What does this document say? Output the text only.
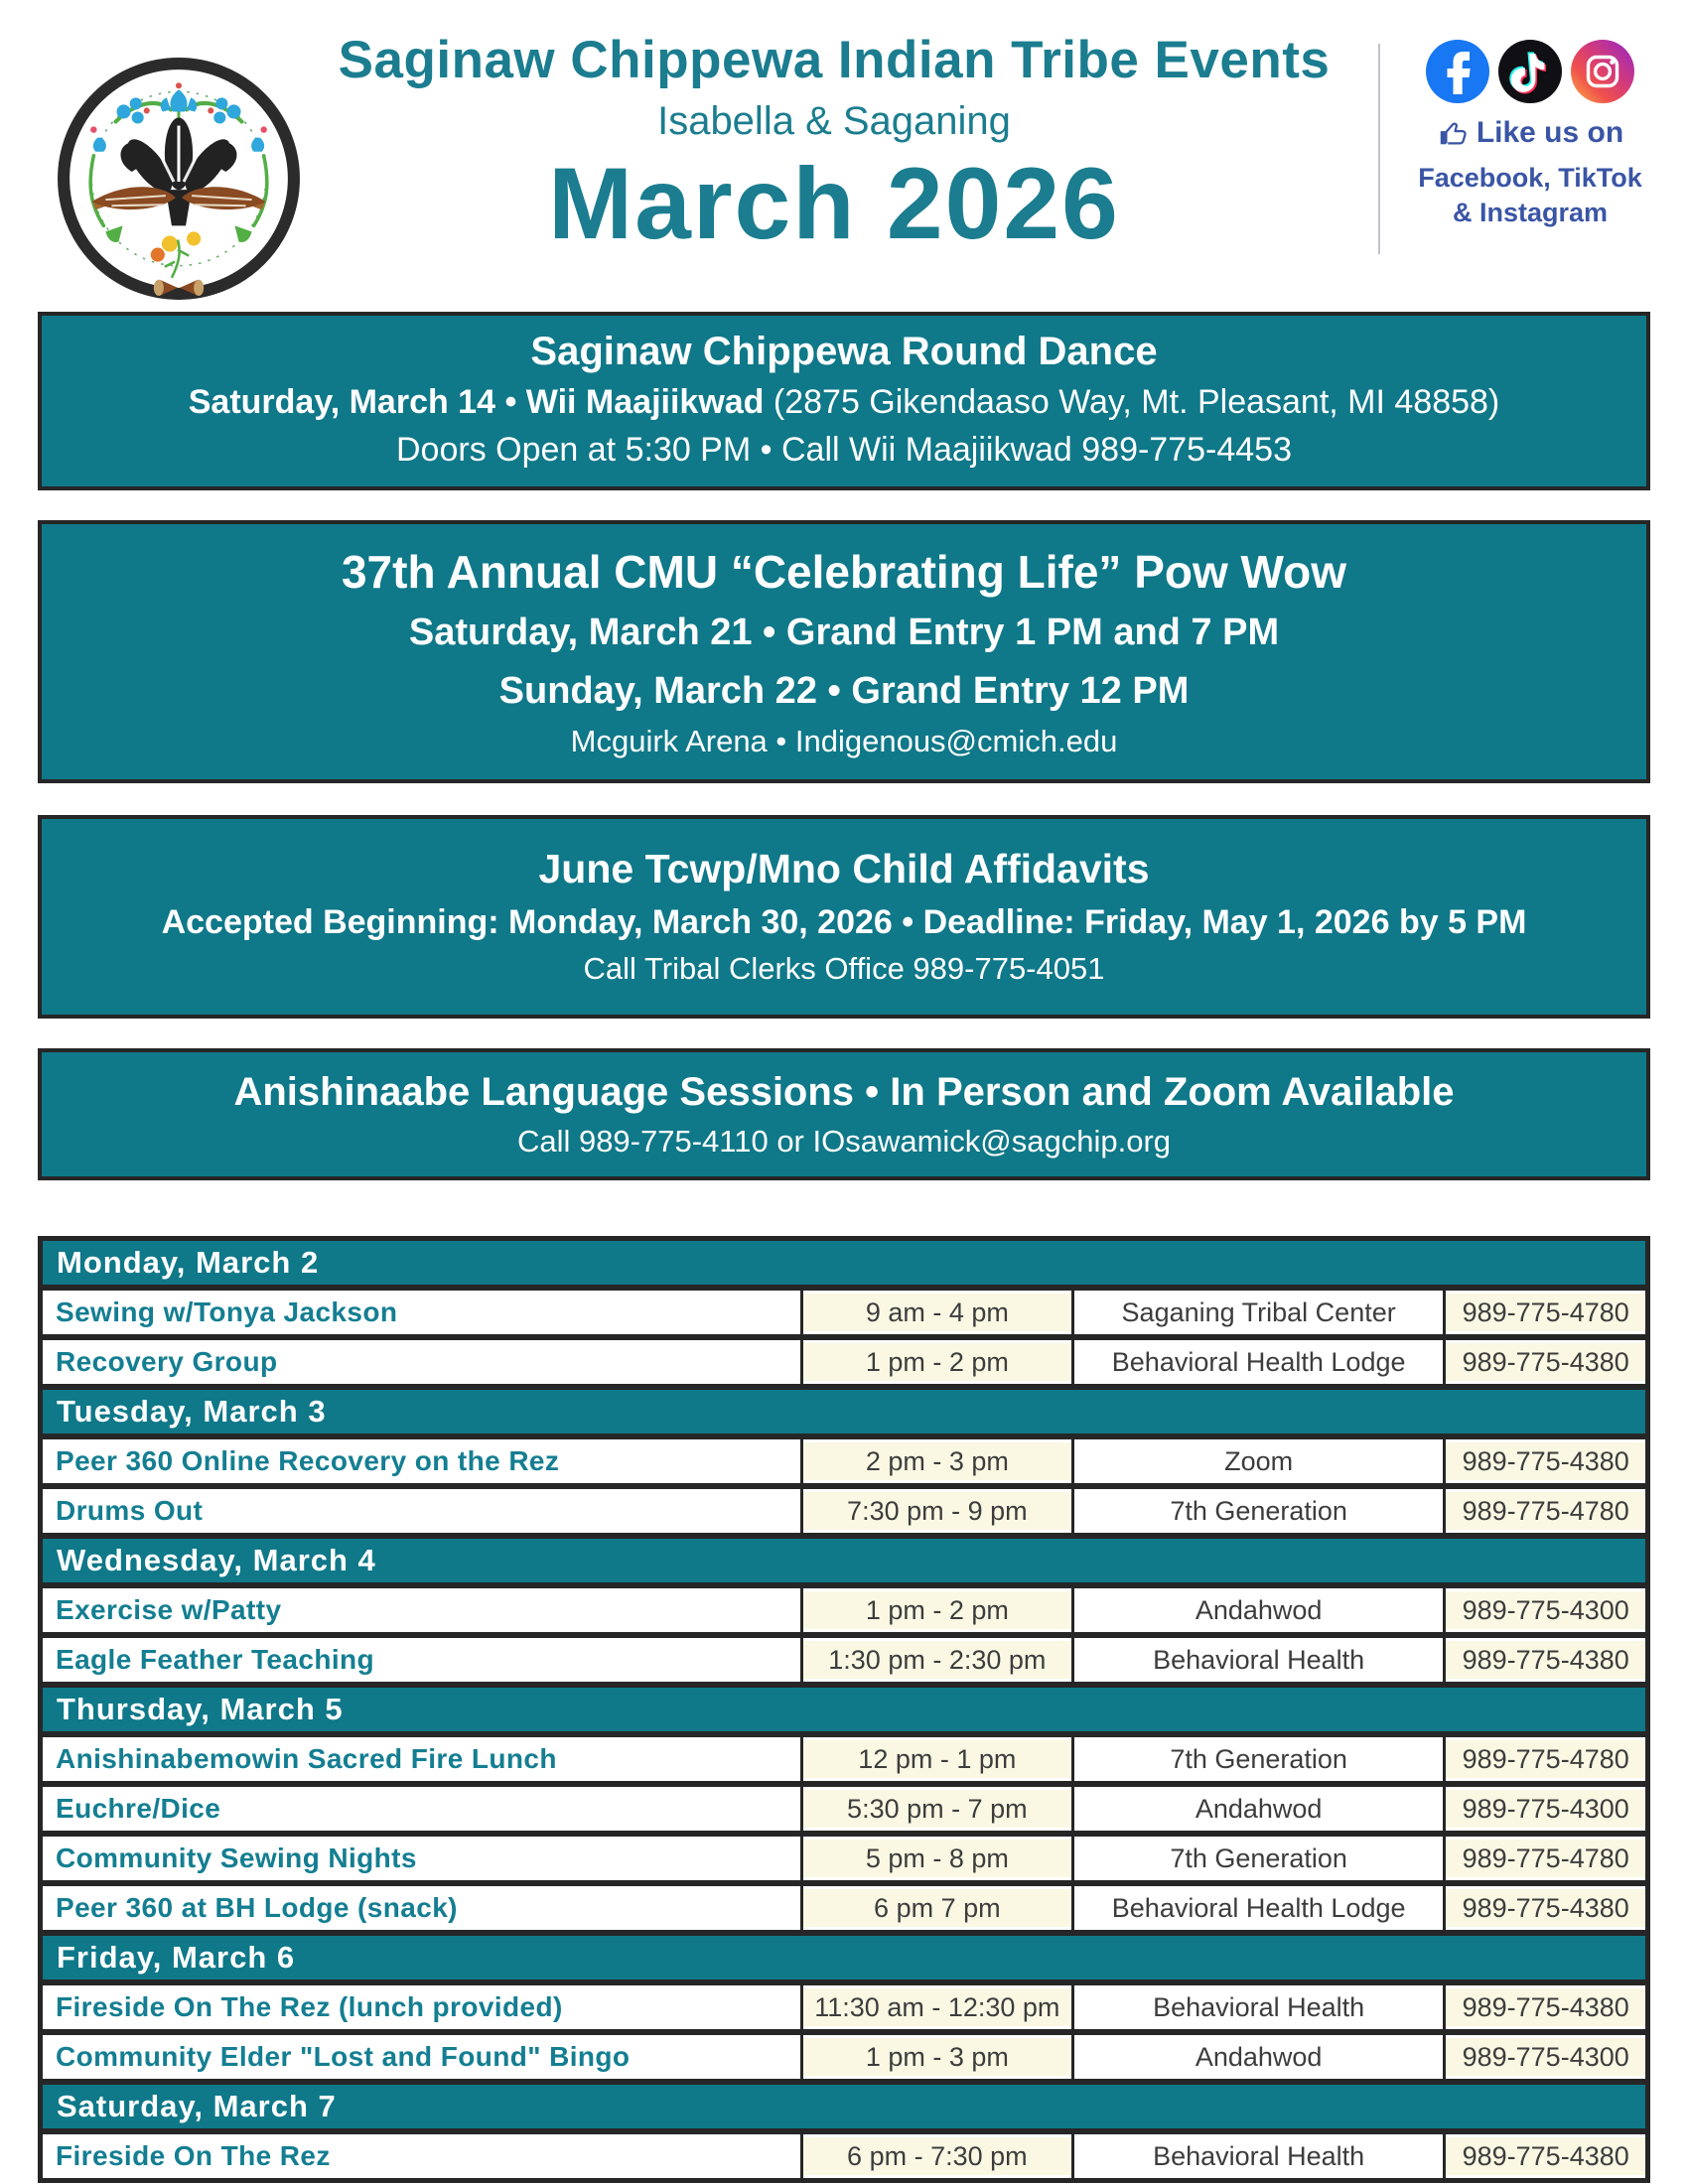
Saginaw Chippewa Indian Tribe Events
Isabella & Saganing
March 2026
Like us on
Facebook, TikTok
& Instagram
Saginaw Chippewa Round Dance
Saturday, March 14 • Wii Maajiikwad (2875 Gikendaaso Way, Mt. Pleasant, MI 48858)
Doors Open at 5:30 PM • Call Wii Maajiikwad 989-775-4453
37th Annual CMU “Celebrating Life” Pow Wow
Saturday, March 21 • Grand Entry 1 PM and 7 PM
Sunday, March 22 • Grand Entry 12 PM
Mcguirk Arena • Indigenous@cmich.edu
June Tcwp/Mno Child Affidavits
Accepted Beginning: Monday, March 30, 2026 • Deadline: Friday, May 1, 2026 by 5 PM
Call Tribal Clerks Office 989-775-4051
Anishinaabe Language Sessions • In Person and Zoom Available
Call 989-775-4110 or IOsawamick@sagchip.org
Monday, March 2
Sewing w/Tonya Jackson	9 am - 4 pm	Saganing Tribal Center	989-775-4780
Recovery Group	1 pm - 2 pm	Behavioral Health Lodge	989-775-4380
Tuesday, March 3
Peer 360 Online Recovery on the Rez	2 pm - 3 pm	Zoom	989-775-4380
Drums Out	7:30 pm - 9 pm	7th Generation	989-775-4780
Wednesday, March 4
Exercise w/Patty	1 pm - 2 pm	Andahwod	989-775-4300
Eagle Feather Teaching	1:30 pm - 2:30 pm	Behavioral Health	989-775-4380
Thursday, March 5
Anishinabemowin Sacred Fire Lunch	12 pm - 1 pm	7th Generation	989-775-4780
Euchre/Dice	5:30 pm - 7 pm	Andahwod	989-775-4300
Community Sewing Nights	5 pm - 8 pm	7th Generation	989-775-4780
Peer 360 at BH Lodge (snack)	6 pm 7 pm	Behavioral Health Lodge	989-775-4380
Friday, March 6
Fireside On The Rez (lunch provided)	11:30 am - 12:30 pm	Behavioral Health	989-775-4380
Community Elder "Lost and Found" Bingo	1 pm - 3 pm	Andahwod	989-775-4300
Saturday, March 7
Fireside On The Rez	6 pm - 7:30 pm	Behavioral Health	989-775-4380
